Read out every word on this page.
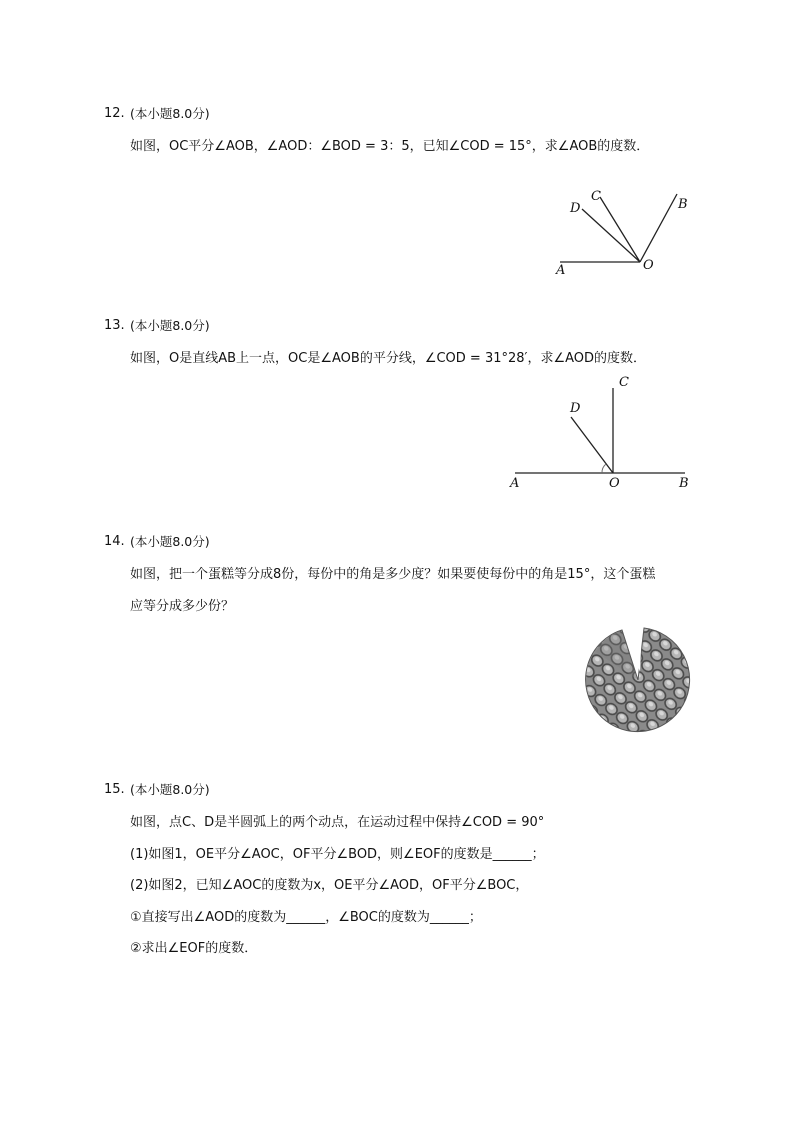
12. (本小题8.0分)
如图，OC平分∠AOB，∠AOD：∠BOD = 3：5，已知∠COD = 15°，求∠AOB的度数．
A	O
B
C
D
13. (本小题8.0分)
如图，O是直线AB上一点，OC是∠AOB的平分线，∠COD = 31°28′，求∠AOD的度数．
A	O	B
C
D
14. (本小题8.0分)
如图，把一个蛋糕等分成8份，每份中的角是多少度？如果要使每份中的角是15°，这个蛋糕
应等分成多少份？
15. (本小题8.0分)
如图，点C、D是半圆弧上的两个动点，在运动过程中保持∠COD = 90°
(1)如图1，OE平分∠AOC，OF平分∠BOD，则∠EOF的度数是______；
(2)如图2，已知∠AOC的度数为x，OE平分∠AOD，OF平分∠BOC，
①直接写出∠AOD的度数为______，∠BOC的度数为______；
②求出∠EOF的度数．
